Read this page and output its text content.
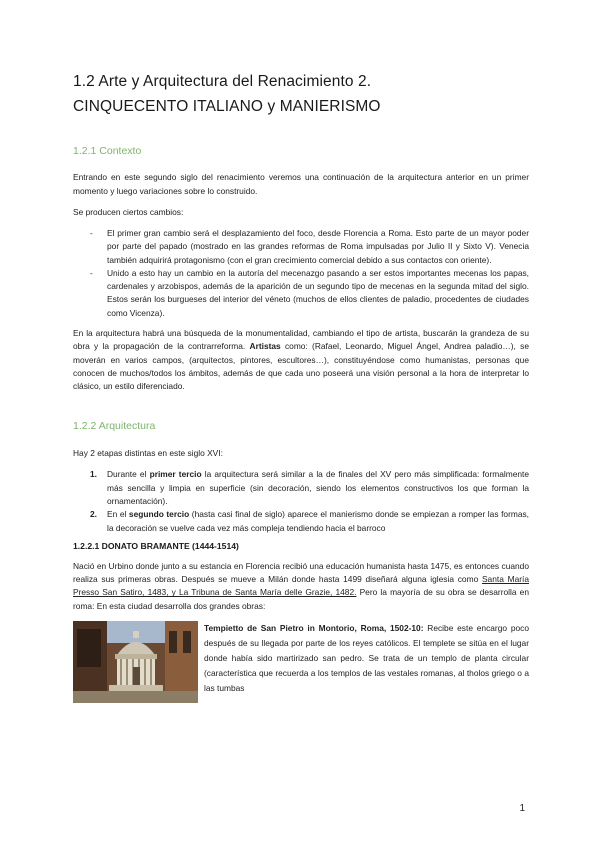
1.2 Arte y Arquitectura del Renacimiento 2.
CINQUECENTO ITALIANO y MANIERISMO
1.2.1 Contexto

Entrando en este segundo siglo del renacimiento veremos una continuación de la arquitectura anterior en un primer momento y luego variaciones sobre lo construido.

Se producen ciertos cambios:

- El primer gran cambio será el desplazamiento del foco, desde Florencia a Roma. Esto parte de un mayor poder por parte del papado (mostrado en las grandes reformas de Roma impulsadas por Julio II y Sixto V). Venecia también adquirirá protagonismo (con el gran crecimiento comercial debido a sus contactos con oriente).
- Unido a esto hay un cambio en la autoría del mecenazgo pasando a ser estos importantes mecenas los papas, cardenales y arzobispos, además de la aparición de un segundo tipo de mecenas en la segunda mitad del siglo. Estos serán los burgueses del interior del véneto (muchos de ellos clientes de paladio, procedentes de ciudades como Vicenza).

En la arquitectura habrá una búsqueda de la monumentalidad, cambiando el tipo de artista, buscarán la grandeza de su obra y la propagación de la contrarreforma. Artistas como: (Rafael, Leonardo, Miguel Ángel, Andrea paladio…), se moverán en varios campos, (arquitectos, pintores, escultores…), constituyéndose como humanistas, personas que conocen de muchos/todos los ámbitos, además de que cada uno poseerá una visión personal a la hora de interpretar lo clásico, un estilo diferenciado.

1.2.2 Arquitectura

Hay 2 etapas distintas en este siglo XVI:

1. Durante el primer tercio la arquitectura será similar a la de finales del XV pero más simplificada: formalmente más sencilla y limpia en superficie (sin decoración, siendo los elementos constructivos los que forman la ornamentación).
2. En el segundo tercio (hasta casi final de siglo) aparece el manierismo donde se empiezan a romper las formas, la decoración se vuelve cada vez más compleja tendiendo hacia el barroco
1.2.2.1 DONATO BRAMANTE (1444-1514)

Nació en Urbino donde junto a su estancia en Florencia recibió una educación humanista hasta 1475, es entonces cuando realiza sus primeras obras. Después se mueve a Milán donde hasta 1499 diseñará alguna iglesia como Santa María Presso San Satiro, 1483, y La Tribuna de Santa María delle Grazie, 1482. Pero la mayoría de su obra se desarrolla en roma: En esta ciudad desarrolla dos grandes obras:

Tempietto de San Pietro in Montorio, Roma, 1502-10: Recibe este encargo poco después de su llegada por parte de los reyes católicos. El templete se sitúa en el lugar donde había sido martirizado san pedro. Se trata de un templo de planta circular (característica que recuerda a los templos de las vestales romanas, al tholos griego o a las tumbas
1
